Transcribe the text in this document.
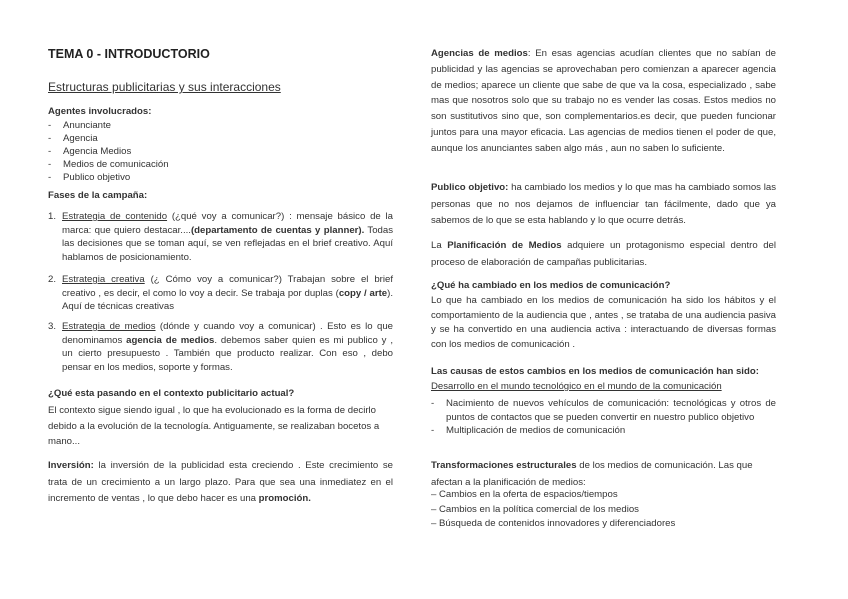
TEMA 0 - INTRODUCTORIO
Estructuras publicitarias y sus interacciones
Agentes involucrados:
- Anunciante
- Agencia
- Agencia Medios
- Medios de comunicación
- Publico objetivo
Fases de la campaña:
1. Estrategia de contenido (¿qué voy a comunicar?) : mensaje básico de la marca: que quiero destacar....(departamento de cuentas y planner). Todas las decisiones que se toman aquí, se ven reflejadas en el brief creativo. Aquí hablamos de posicionamiento.
2. Estrategia creativa (¿ Cómo voy a comunicar?) Trabajan sobre el brief creativo , es decir, el como lo voy a decir. Se trabaja por duplas (copy / arte). Aquí de técnicas creativas
3. Estrategia de medios (dónde y cuando voy a comunicar) . Esto es lo que denominamos agencia de medios. debemos saber quien es mi publico y , un cierto presupuesto . También que producto realizar. Con eso , debo pensar en los medios, soporte y formas.
¿Qué esta pasando en el contexto publicitario actual?

El contexto sigue siendo igual , lo que ha evolucionado es la forma de decirlo debido a la evolución de la tecnología. Antiguamente, se realizaban bocetos a mano...

Inversión: la inversión de la publicidad esta creciendo . Este crecimiento se trata de un crecimiento a un largo plazo. Para que sea una inmediatez en el incremento de ventas , lo que debo hacer es una promoción.

Agencias de medios: En esas agencias acudían clientes que no sabían de publicidad y las agencias se aprovechaban pero comienzan a aparecer agencia de medios; aparece un cliente que sabe de que va la cosa, especializado , sabe mas que nosotros solo que su trabajo no es vender las cosas. Estos medios no son sustitutivos sino que, son complementarios.es decir, que pueden funcionar juntos para una mayor eficacia. Las agencias de medios tienen el poder de que, aunque los anunciantes saben algo más , aun no saben lo suficiente.

Publico objetivo: ha cambiado los medios y lo que mas ha cambiado somos las personas que no nos dejamos de influenciar tan fácilmente, dado que ya sabemos de lo que se esta hablando y lo que ocurre detrás.

La Planificación de Medios adquiere un protagonismo especial dentro del proceso de elaboración de campañas publicitarias.

¿Qué ha cambiado en los medios de comunicación?

Lo que ha cambiado en los medios de comunicación ha sido los hábitos y el comportamiento de la audiencia que , antes , se trataba de una audiencia pasiva y se ha convertido en una audiencia activa : interactuando de diversas formas con los medios de comunicación .

Las causas de estos cambios en los medios de comunicación han sido:
Desarrollo en el mundo tecnológico en el mundo de la comunicación
- Nacimiento de nuevos vehículos de comunicación: tecnológicas y otros de puntos de contactos que se pueden convertir en nuestro publico objetivo
- Multiplicación de medios de comunicación

Transformaciones estructurales de los medios de comunicación. Las que afectan a la planificación de medios:

– Cambios en la oferta de espacios/tiempos
– Cambios en la política comercial de los medios
– Búsqueda de contenidos innovadores y diferenciadores
